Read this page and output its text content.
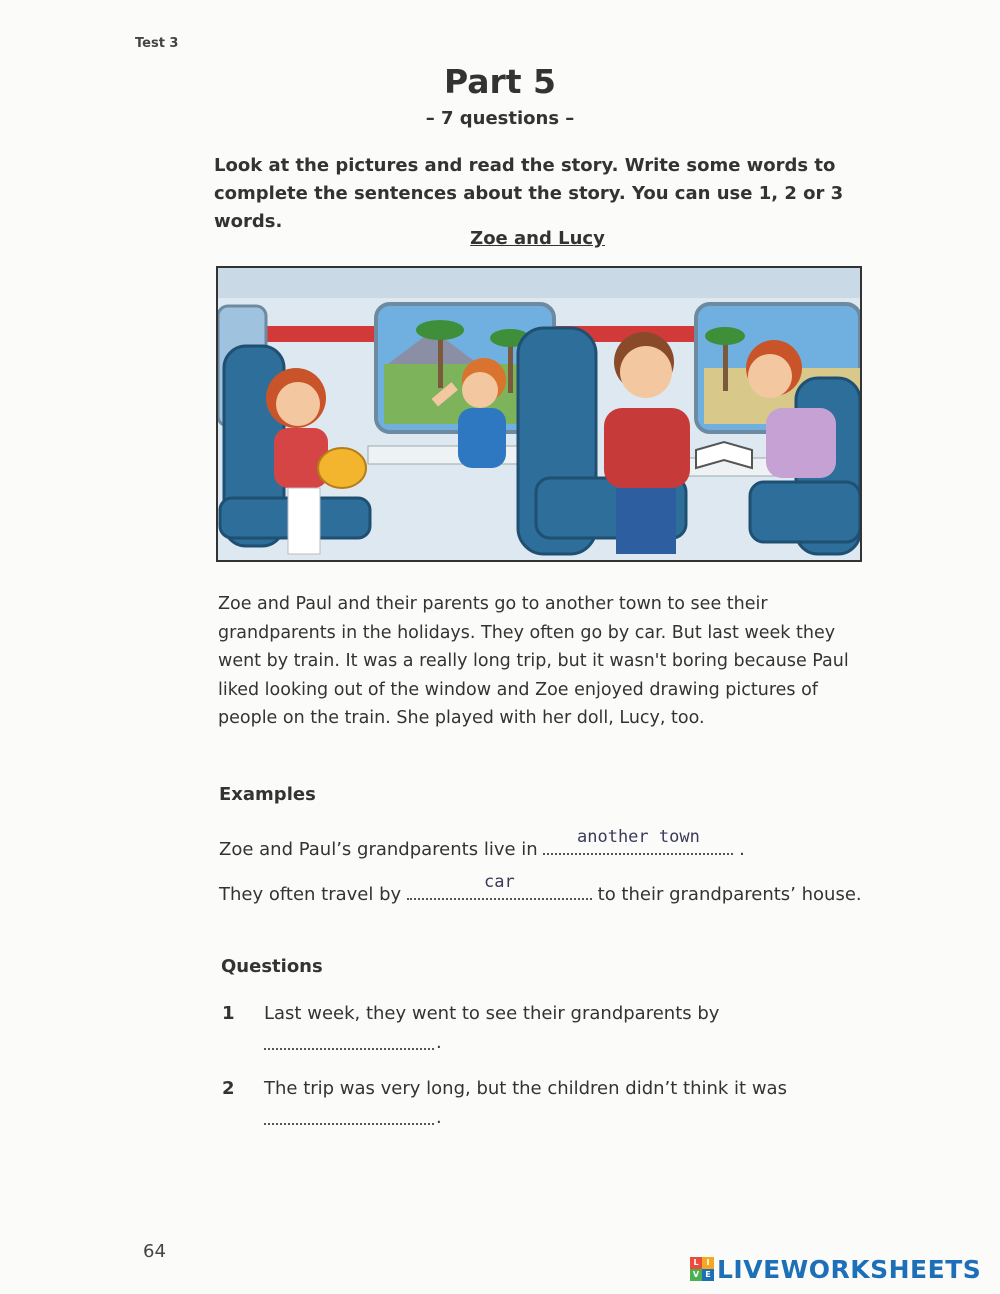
Test 3
Part 5
– 7 questions –
Look at the pictures and read the story. Write some words to complete the sentences about the story. You can use 1, 2 or 3 words.
Zoe and Lucy
Zoe and Paul and their parents go to another town to see their grandparents in the holidays. They often go by car. But last week they went by train. It was a really long trip, but it wasn't boring because Paul liked looking out of the window and Zoe enjoyed drawing pictures of people on the train. She played with her doll, Lucy, too.
Examples
Zoe and Paul’s grandparents live in
another town
.
They often travel by
car
to their grandparents’ house.
Questions
1 Last week, they went to see their grandparents by
.
2 The trip was very long, but the children didn’t think it was
.
64
L I
V E LIVEWORKSHEETS
